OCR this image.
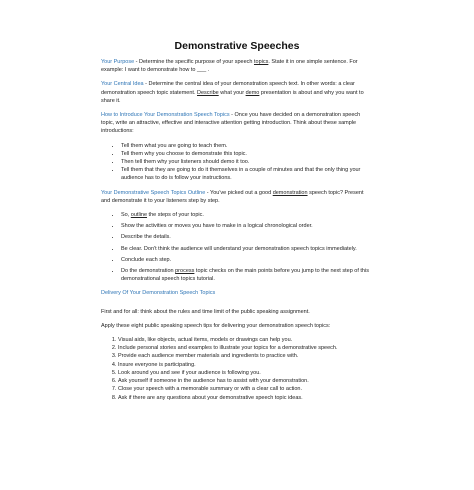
Demonstrative Speeches

Your Purpose - Determine the specific purpose of your speech topics. State it in one simple sentence. For example: I want to demonstrate how to ___ .

Your Central Idea - Determine the central idea of your demonstration speech text. In other words: a clear demonstration speech topic statement. Describe what your demo presentation is about and why you want to share it.

How to Introduce Your Demonstration Speech Topics - Once you have decided on a demonstration speech topic, write an attractive, effective and interactive attention getting introduction. Think about these sample introductions:

• Tell them what you are going to teach them.
• Tell them why you choose to demonstrate this topic.
• Then tell them why your listeners should demo it too.
• Tell them that they are going to do it themselves in a couple of minutes and that the only thing your audience has to do is follow your instructions.

Your Demonstrative Speech Topics Outline - You've picked out a good demonstration speech topic? Present and demonstrate it to your listeners step by step.

• So, outline the steps of your topic.
• Show the activities or moves you have to make in a logical chronological order.
• Describe the details.
• Be clear. Don't think the audience will understand your demonstration speech topics immediately.
• Conclude each step.
• Do the demonstration process topic checks on the main points before you jump to the next step of this demonstrational speech topics tutorial.
Delivery Of Your Demonstration Speech Topics

First and for all: think about the rules and time limit of the public speaking assignment.

Apply these eight public speaking speech tips for delivering your demonstration speech topics:

1. Visual aids, like objects, actual items, models or drawings can help you.
2. Include personal stories and examples to illustrate your topics for a demonstrative speech.
3. Provide each audience member materials and ingredients to practice with.
4. Insure everyone is participating.
5. Look around you and see if your audience is following you.
6. Ask yourself if someone in the audience has to assist with your demonstration.
7. Close your speech with a memorable summary or with a clear call to action.
8. Ask if there are any questions about your demonstrative speech topic ideas.
